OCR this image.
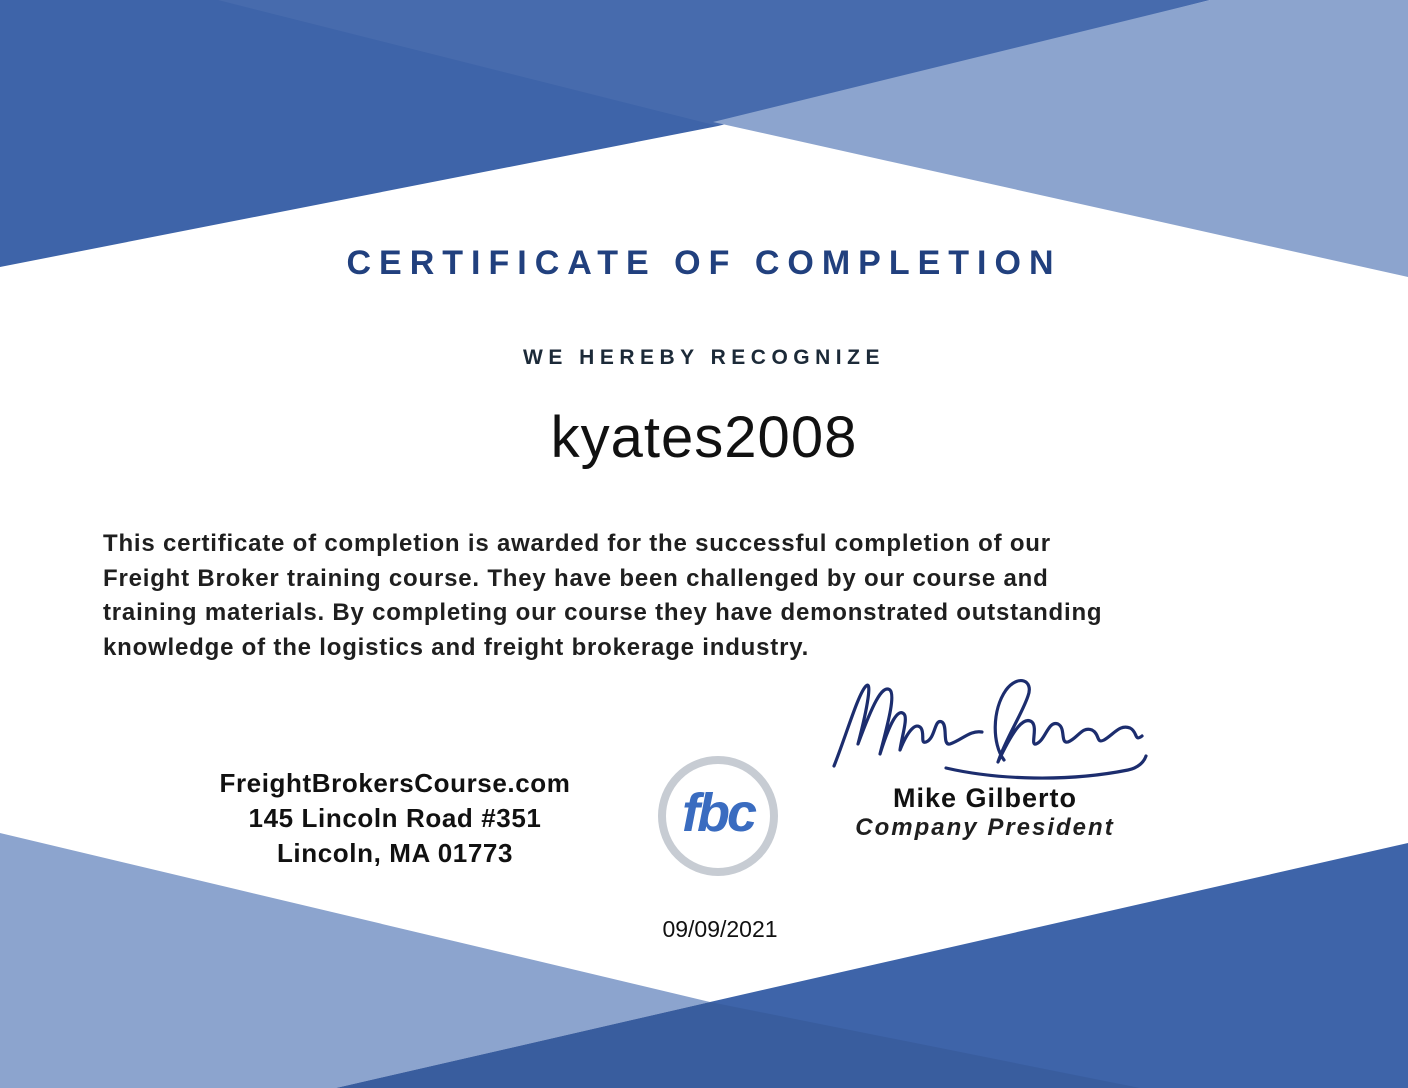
CERTIFICATE OF COMPLETION
WE HEREBY RECOGNIZE
kyates2008
This certificate of completion is awarded for the successful completion of our
Freight Broker training course. They have been challenged by our course and
training materials. By completing our course they have demonstrated outstanding
knowledge of the logistics and freight brokerage industry.
FreightBrokersCourse.com
145 Lincoln Road #351
Lincoln, MA 01773
fbc	Mike Gilberto
Company President
09/09/2021
